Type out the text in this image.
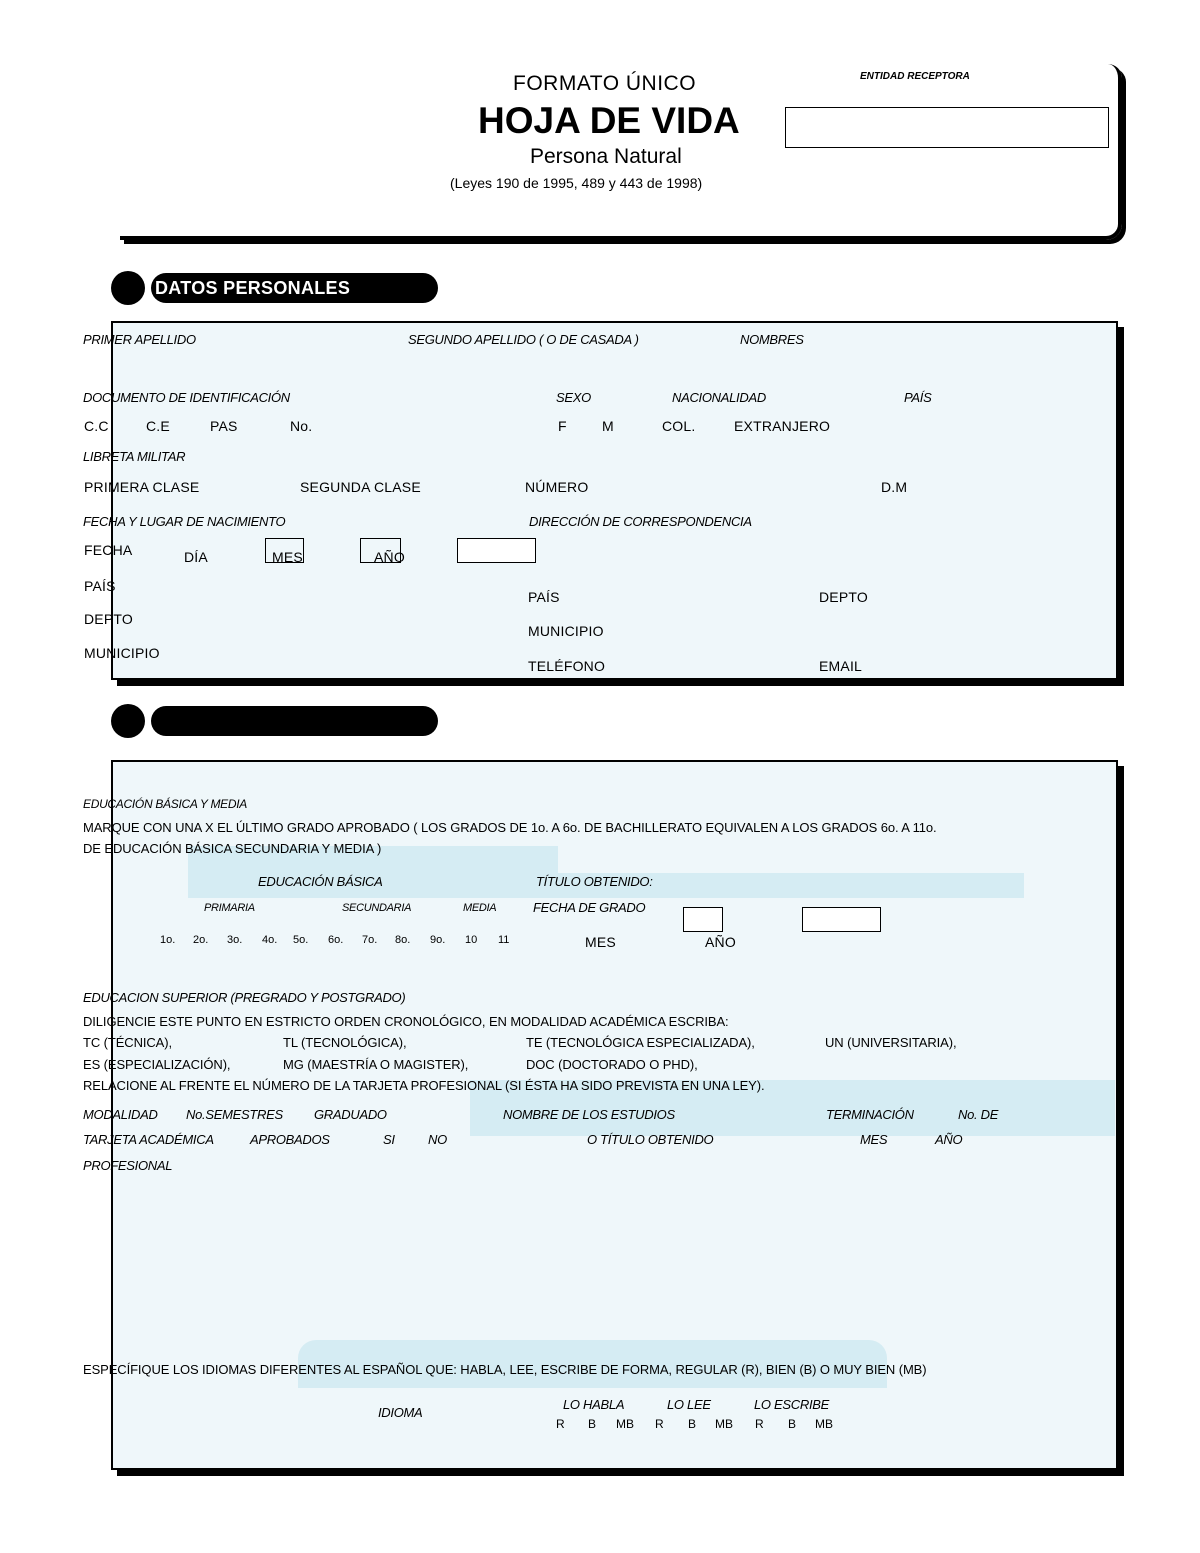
FORMATO ÚNICO
HOJA DE VIDA
Persona Natural
(Leyes 190 de 1995, 489 y 443 de 1998)
ENTIDAD RECEPTORA
DATOS PERSONALES
PRIMER APELLIDO	SEGUNDO APELLIDO ( O DE CASADA )	NOMBRES
DOCUMENTO DE IDENTIFICACIÓN	SEXO	NACIONALIDAD	PAÍS
C.C	C.E	PAS	No.	F	M	COL.	EXTRANJERO
LIBRETA MILITAR
PRIMERA CLASE	SEGUNDA CLASE	NÚMERO	D.M
FECHA Y LUGAR DE NACIMIENTO	DIRECCIÓN DE CORRESPONDENCIA
FECHA	DÍA	MES	AÑO
PAÍS
DEPTO
MUNICIPIO
PAÍS	DEPTO
MUNICIPIO
TELÉFONO	EMAIL
EDUCACIÓN BÁSICA Y MEDIA
MARQUE CON UNA X EL ÚLTIMO GRADO APROBADO ( LOS GRADOS DE 1o. A 6o. DE BACHILLERATO EQUIVALEN A LOS GRADOS 6o. A 11o.
DE EDUCACIÓN BÁSICA SECUNDARIA Y MEDIA )
EDUCACIÓN BÁSICA	TÍTULO OBTENIDO:
PRIMARIA	SECUNDARIA	MEDIA	FECHA DE GRADO
1o. 2o. 3o. 4o. 5o. 6o. 7o. 8o. 9o. 10 11	MES	AÑO
EDUCACION SUPERIOR (PREGRADO Y POSTGRADO)
DILIGENCIE ESTE PUNTO EN ESTRICTO ORDEN CRONOLÓGICO, EN MODALIDAD ACADÉMICA ESCRIBA:
TC (TÉCNICA),	TL (TECNOLÓGICA),	TE (TECNOLÓGICA ESPECIALIZADA),	UN (UNIVERSITARIA),
ES (ESPECIALIZACIÓN),	MG (MAESTRÍA O MAGISTER),	DOC (DOCTORADO O PHD),
RELACIONE AL FRENTE EL NÚMERO DE LA TARJETA PROFESIONAL (SI ÉSTA HA SIDO PREVISTA EN UNA LEY).
MODALIDAD No.SEMESTRES GRADUADO	NOMBRE DE LOS ESTUDIOS	TERMINACIÓN	No. DE
TARJETA ACADÉMICA	APROBADOS	SI	NO	O TÍTULO OBTENIDO	MES	AÑO
PROFESIONAL
ESPECÍFIQUE LOS IDIOMAS DIFERENTES AL ESPAÑOL QUE: HABLA, LEE, ESCRIBE DE FORMA, REGULAR (R), BIEN (B) O MUY BIEN (MB)
IDIOMA
LO HABLA	LO LEE	LO ESCRIBE
R B MB R B MB R B MB
